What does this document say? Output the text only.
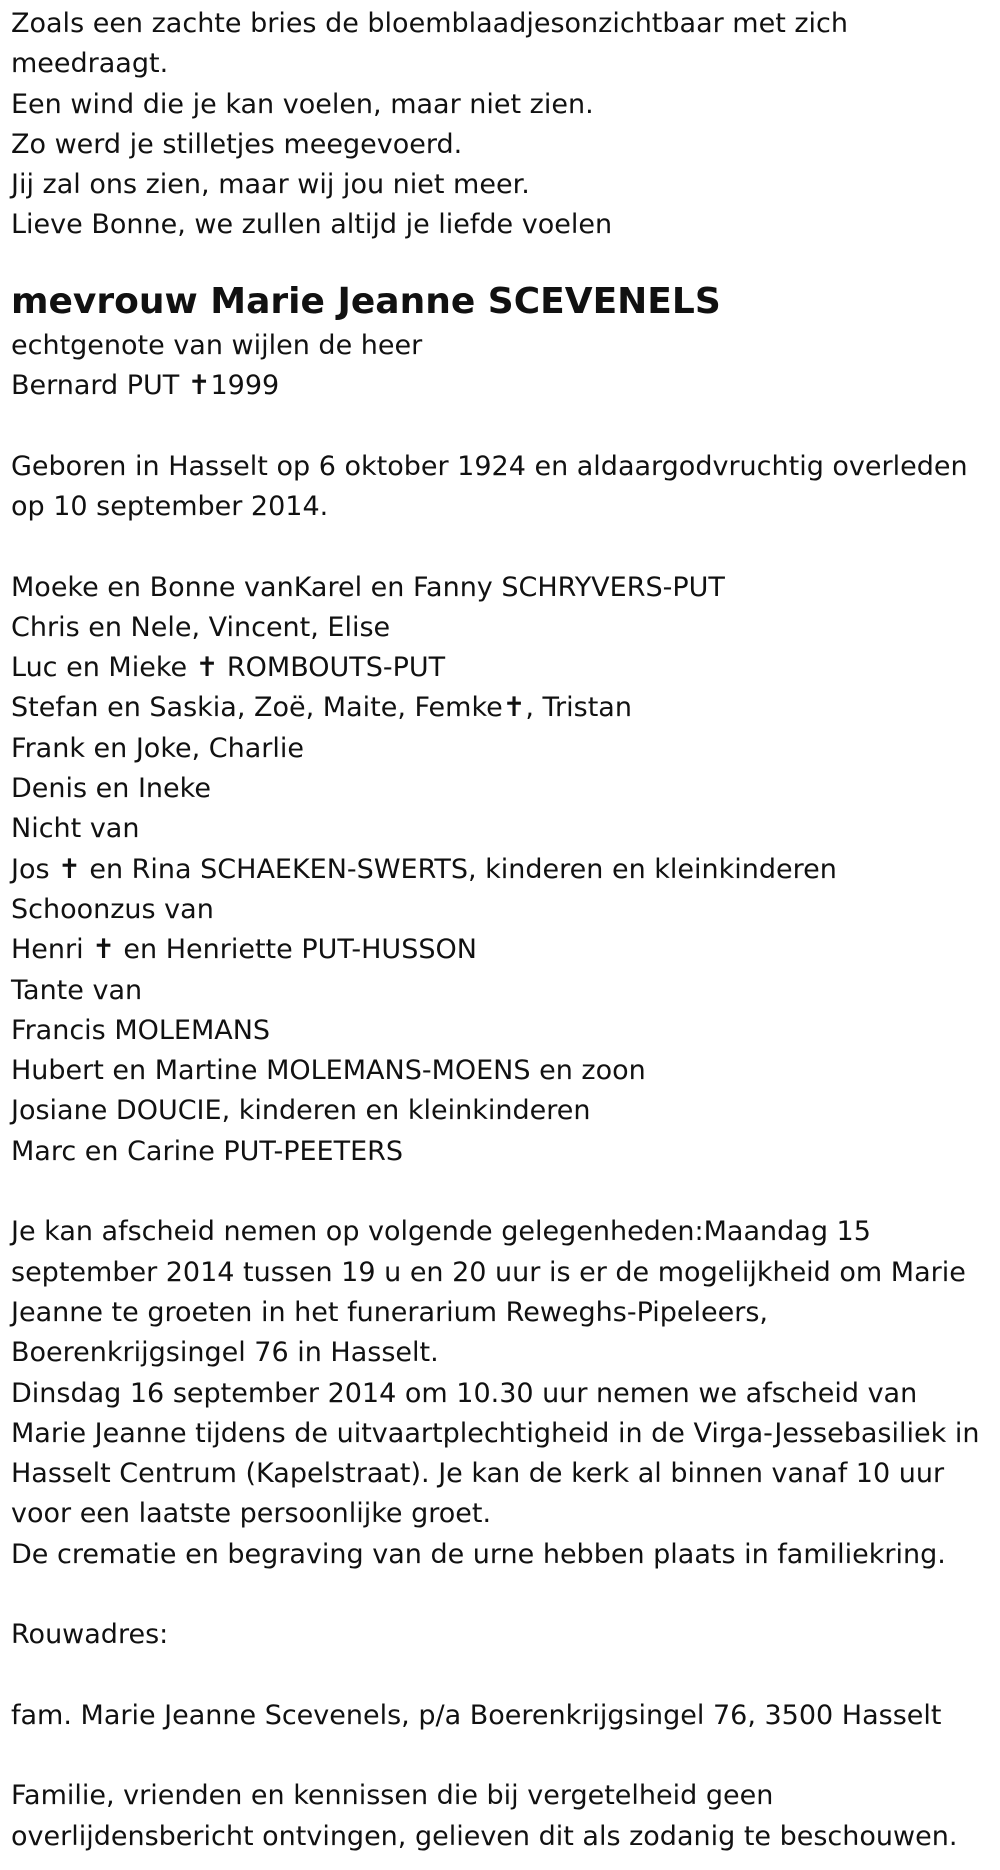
Zoals een zachte bries de bloemblaadjesonzichtbaar met zich meedraagt.

Een wind die je kan voelen, maar niet zien.

Zo werd je stilletjes meegevoerd.

Jij zal ons zien, maar wij jou niet meer.

Lieve Bonne, we zullen altijd je liefde voelen

mevrouw Marie Jeanne SCEVENELS

echtgenote van wijlen de heer

Bernard PUT ✝1999

Geboren in Hasselt op 6 oktober 1924 en aldaargodvruchtig overleden op 10 september 2014.

Moeke en Bonne vanKarel en Fanny SCHRYVERS-PUT

Chris en Nele, Vincent, Elise

Luc en Mieke ✝ ROMBOUTS-PUT

Stefan en Saskia, Zoë, Maite, Femke✝, Tristan

Frank en Joke, Charlie

Denis en Ineke

Nicht van

Jos ✝ en Rina SCHAEKEN-SWERTS, kinderen en kleinkinderen

Schoonzus van

Henri ✝ en Henriette PUT-HUSSON

Tante van

Francis MOLEMANS

Hubert en Martine MOLEMANS-MOENS en zoon

Josiane DOUCIE, kinderen en kleinkinderen

Marc en Carine PUT-PEETERS

Je kan afscheid nemen op volgende gelegenheden:Maandag 15 september 2014 tussen 19 u en 20 uur is er de mogelijkheid om Marie Jeanne te groeten in het funerarium Reweghs-Pipeleers, Boerenkrijgsingel 76 in Hasselt.

Dinsdag 16 september 2014 om 10.30 uur nemen we afscheid van Marie Jeanne tijdens de uitvaartplechtigheid in de Virga-Jessebasiliek in Hasselt Centrum (Kapelstraat). Je kan de kerk al binnen vanaf 10 uur voor een laatste persoonlijke groet.

De crematie en begraving van de urne hebben plaats in familiekring.

Rouwadres:

fam. Marie Jeanne Scevenels, p/a Boerenkrijgsingel 76, 3500 Hasselt

Familie, vrienden en kennissen die bij vergetelheid geen overlijdensbericht ontvingen, gelieven dit als zodanig te beschouwen.
